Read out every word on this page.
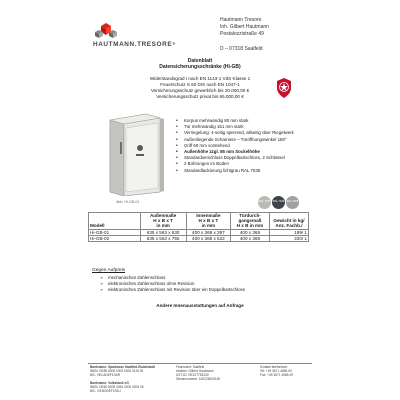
HAUTMANN.TRESORE®
Hautmann Tresore
Inh. Gilbert Hautmann
Pestalozzistraße 49
D – 07318 Saalfeld
Datenblatt
Datensicherungsschränke (Hi-GB)
Widerstandsgrad I nach EN 1143-1 VdS Klasse 1
Feuerschutz S 60 DIS nach EN 1047-1
Versicherungsschutz gewerblich bis 20.000,00 €
Versicherungsschutz privat bis 65.000,00 €
Abb. Hi-GB-01
• Korpus mehrwandig 80 mm stark
• Tür mehrwandig 151 mm stark
• Verriegelung: 4-seitig sperrend, allseitig über Riegelwerk
• Außenliegende Scharniere – Türöffnungswinkel 180°
• Griff 60 mm vorstehend
• Außenhöhe zzgl. 85 mm Sockelhöhe
• Standardverschluss Doppelbartschloss, 2 Schlüssel
• 2 Bohrungen im Boden
• Standardlackierung lichtgrau RAL 7035
RAL 7035 RAL 7016 RAL 9006
Modell	Außenmaße
H x B x T
in mm	Innenmaße
H x B x T
in mm	Türdurch-
gangsmaß
H x B in mm	Gewicht in kg/
Anz. Fachb./

Hi-GB-01	635 x 563 x 630	400 x 368 x 397	400 x 368	199/ 1
Hi-GB-02	635 x 563 x 755	400 x 368 x 522	400 x 368	220/ 1
Gegen Aufpreis
➢ mechanisches Zahlenschloss
➢ elektronisches Zahlenschloss ohne Revision
➢ elektronisches Zahlenschloss mit Revision über ein Doppelbartschloss
Andere Innenausstattungen auf Anfrage
Bankname: Sparkasse Saalfeld-Rudolstadt
IBAN: DE85 8305 0303 0000 0116 90
BIC: HELADEF1SAR
Bankname: Volksbank eG
IBAN: DE69 8209 4054 0000 0205 06
BIC: GENODEF1RUJ
Finanzamt: Saalfeld
Inhaber: Gilbert Hautmann
UST-ID: DE227753430
Steuernummer: 162/236/00160
Kontakt telefonisch:
Tel: +49 3671 4565-00
Fax: +49 3671 4565-09
